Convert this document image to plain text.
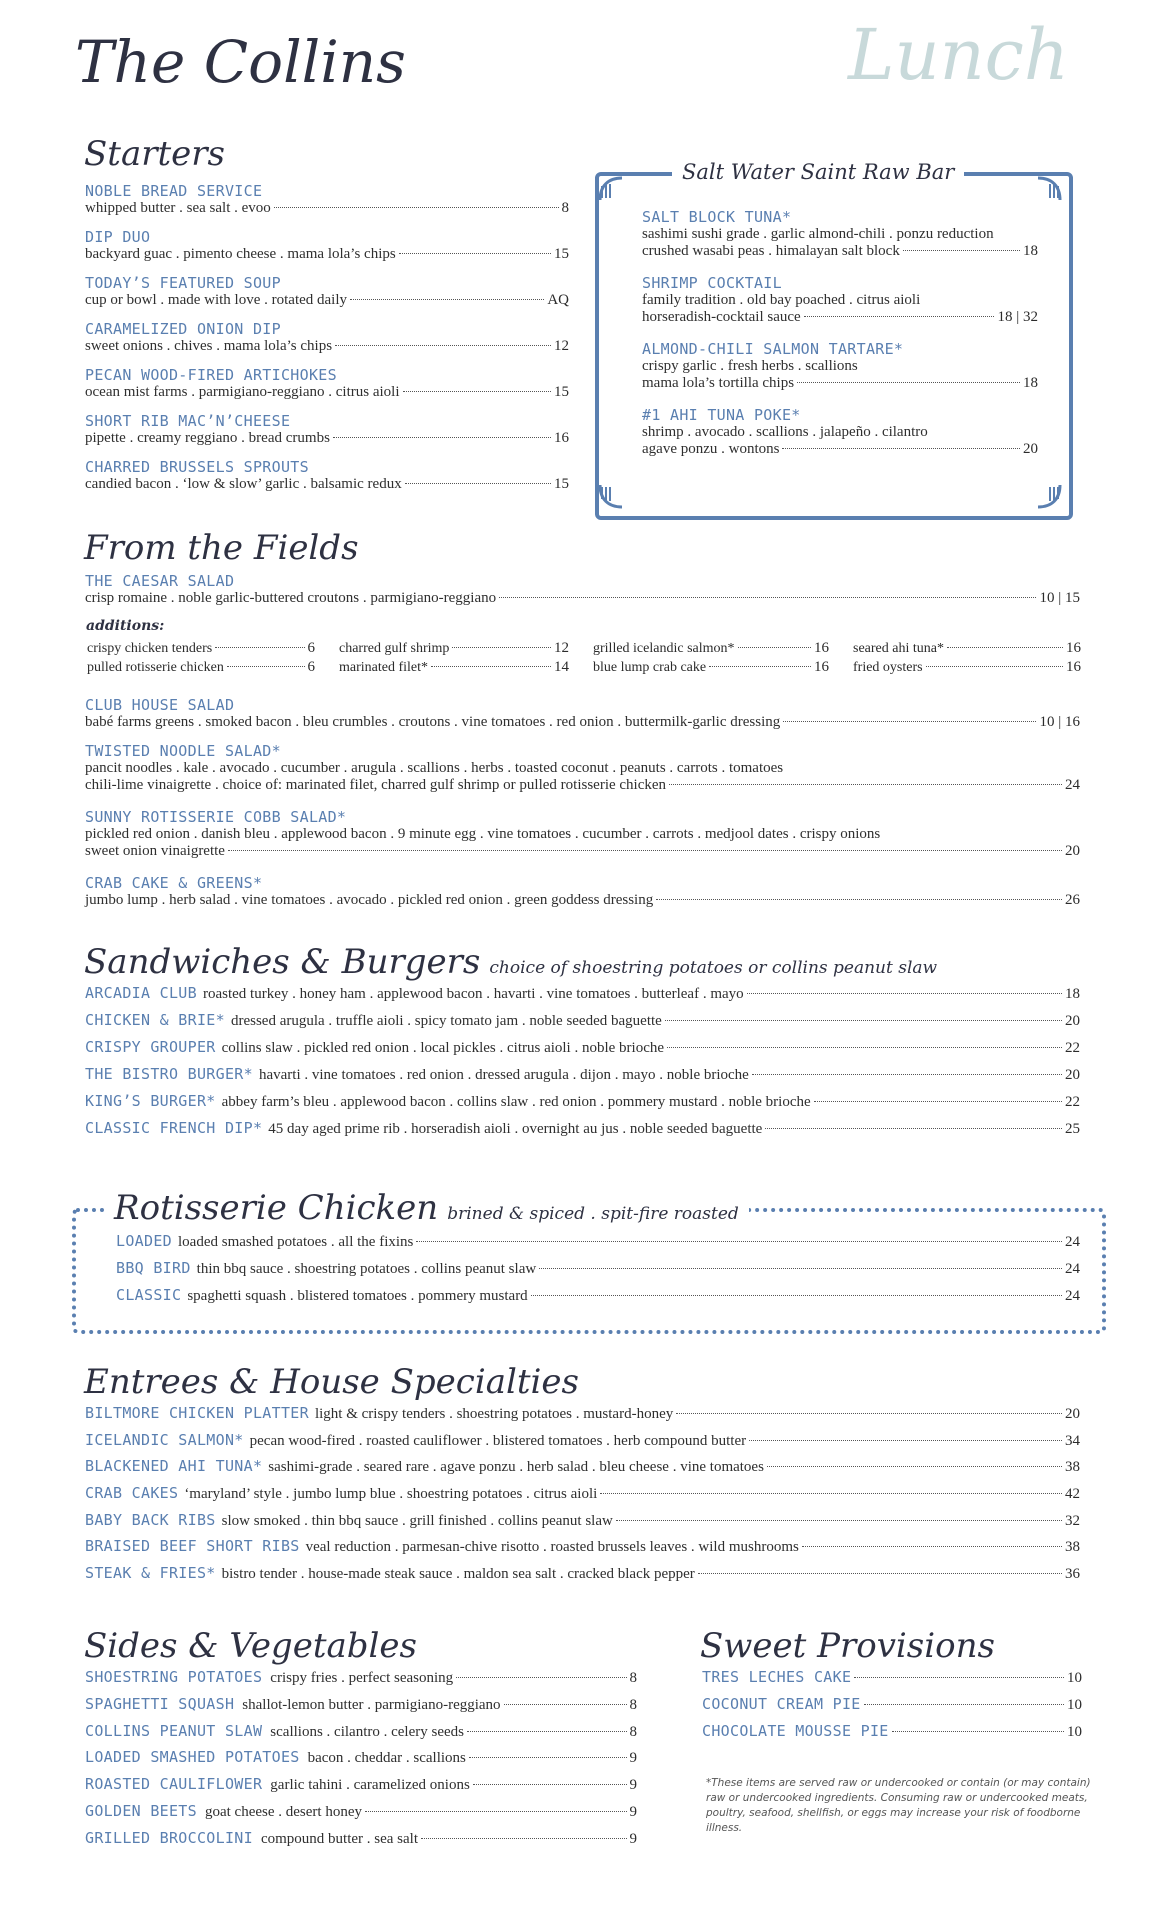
The Collins	Lunch
Starters
NOBLE BREAD SERVICE
whipped butter . sea salt . evoo	8
DIP DUO
backyard guac . pimento cheese . mama lola’s chips	15
TODAY’S FEATURED SOUP
cup or bowl . made with love . rotated daily	AQ
CARAMELIZED ONION DIP
sweet onions . chives . mama lola’s chips	12
PECAN WOOD-FIRED ARTICHOKES
ocean mist farms . parmigiano-reggiano . citrus aioli	15
SHORT RIB MAC’N’CHEESE
pipette . creamy reggiano . bread crumbs	16
CHARRED BRUSSELS SPROUTS
candied bacon . ‘low & slow’ garlic . balsamic redux	15
Salt Water Saint Raw Bar
SALT BLOCK TUNA*
sashimi sushi grade . garlic almond-chili . ponzu reduction
crushed wasabi peas . himalayan salt block	18
SHRIMP COCKTAIL
family tradition . old bay poached . citrus aioli
horseradish-cocktail sauce	18 | 32
ALMOND-CHILI SALMON TARTARE*
crispy garlic . fresh herbs . scallions
mama lola’s tortilla chips	18
#1 AHI TUNA POKE*
shrimp . avocado . scallions . jalapeño . cilantro
agave ponzu . wontons	20
From the Fields
THE CAESAR SALAD
crisp romaine . noble garlic-buttered croutons . parmigiano-reggiano	10 | 15
additions:
crispy chicken tenders	6 charred gulf shrimp	12 grilled icelandic salmon*	16 seared ahi tuna*	16
pulled rotisserie chicken	6 marinated filet*	14 blue lump crab cake	16 fried oysters	16
CLUB HOUSE SALAD
babé farms greens . smoked bacon . bleu crumbles . croutons . vine tomatoes . red onion . buttermilk-garlic dressing	10 | 16
TWISTED NOODLE SALAD*
pancit noodles . kale . avocado . cucumber . arugula . scallions . herbs . toasted coconut . peanuts . carrots . tomatoes
chili-lime vinaigrette . choice of: marinated filet, charred gulf shrimp or pulled rotisserie chicken	24
SUNNY ROTISSERIE COBB SALAD*
pickled red onion . danish bleu . applewood bacon . 9 minute egg . vine tomatoes . cucumber . carrots . medjool dates . crispy onions
sweet onion vinaigrette	20
CRAB CAKE & GREENS*
jumbo lump . herb salad . vine tomatoes . avocado . pickled red onion . green goddess dressing	26
Sandwiches & Burgers choice of shoestring potatoes or collins peanut slaw
ARCADIA CLUB roasted turkey . honey ham . applewood bacon . havarti . vine tomatoes . butterleaf . mayo	18
CHICKEN & BRIE* dressed arugula . truffle aioli . spicy tomato jam . noble seeded baguette	20
CRISPY GROUPER collins slaw . pickled red onion . local pickles . citrus aioli . noble brioche	22
THE BISTRO BURGER* havarti . vine tomatoes . red onion . dressed arugula . dijon . mayo . noble brioche	20
KING’S BURGER* abbey farm’s bleu . applewood bacon . collins slaw . red onion . pommery mustard . noble brioche	22
CLASSIC FRENCH DIP* 45 day aged prime rib . horseradish aioli . overnight au jus . noble seeded baguette	25
Rotisserie Chicken brined & spiced . spit-fire roasted
LOADED loaded smashed potatoes . all the fixins	24
BBQ BIRD thin bbq sauce . shoestring potatoes . collins peanut slaw	24
CLASSIC spaghetti squash . blistered tomatoes . pommery mustard	24
Entrees & House Specialties
BILTMORE CHICKEN PLATTER light & crispy tenders . shoestring potatoes . mustard-honey	20
ICELANDIC SALMON* pecan wood-fired . roasted cauliflower . blistered tomatoes . herb compound butter	34
BLACKENED AHI TUNA* sashimi-grade . seared rare . agave ponzu . herb salad . bleu cheese . vine tomatoes	38
CRAB CAKES ‘maryland’ style . jumbo lump blue . shoestring potatoes . citrus aioli	42
BABY BACK RIBS slow smoked . thin bbq sauce . grill finished . collins peanut slaw	32
BRAISED BEEF SHORT RIBS veal reduction . parmesan-chive risotto . roasted brussels leaves . wild mushrooms	38
STEAK & FRIES* bistro tender . house-made steak sauce . maldon sea salt . cracked black pepper	36
Sides & Vegetables
SHOESTRING POTATOES crispy fries . perfect seasoning	8
SPAGHETTI SQUASH shallot-lemon butter . parmigiano-reggiano	8
COLLINS PEANUT SLAW scallions . cilantro . celery seeds	8
LOADED SMASHED POTATOES bacon . cheddar . scallions	9
ROASTED CAULIFLOWER garlic tahini . caramelized onions	9
GOLDEN BEETS goat cheese . desert honey	9
GRILLED BROCCOLINI compound butter . sea salt	9
Sweet Provisions
TRES LECHES CAKE	10
COCONUT CREAM PIE	10
CHOCOLATE MOUSSE PIE	10
*These items are served raw or undercooked or contain (or may contain) raw or undercooked ingredients. Consuming raw or undercooked meats, poultry, seafood, shellfish, or eggs may increase your risk of foodborne illness.
